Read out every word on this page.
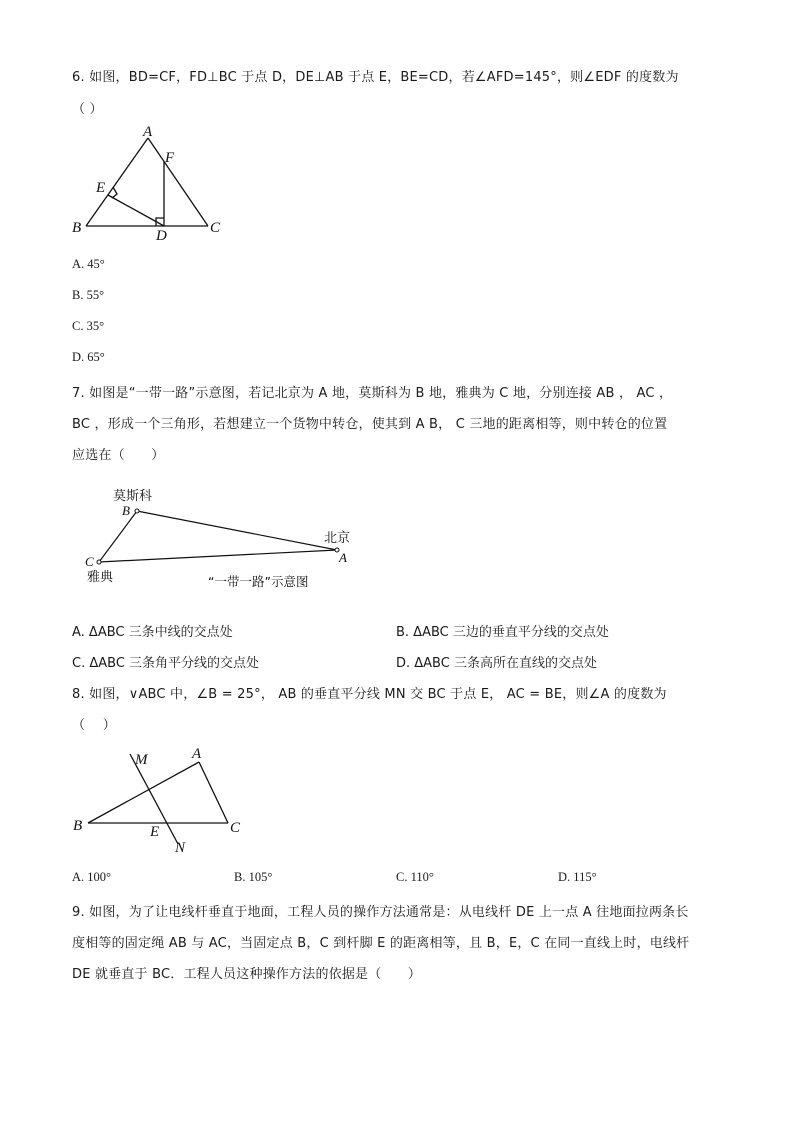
6. 如图，BD=CF，FD⊥BC 于点 D，DE⊥AB 于点 E，BE=CD，若∠AFD=145°，则∠EDF 的度数为
（ ）
A
F
E
B	D	C
A. 45°
B. 55°
C. 35°
D. 65°
7. 如图是“一带一路”示意图，若记北京为 A 地，莫斯科为 B 地，雅典为 C 地，分别连接 AB ， AC ，
BC ，形成一个三角形，若想建立一个货物中转仓，使其到 A B， C 三地的距离相等，则中转仓的位置
应选在（　　）
莫斯科
B
北京
A
C
雅典	“一带一路”示意图
A. ΔABC 三条中线的交点处	B. ΔABC 三边的垂直平分线的交点处
C. ΔABC 三条角平分线的交点处	D. ΔABC 三条高所在直线的交点处
8. 如图，∨ABC 中，∠B = 25°， AB 的垂直平分线 MN 交 BC 于点 E， AC = BE，则∠A 的度数为
（　 ）
M	A
B	E	C
N
A. 100°	B. 105°	C. 110°	D. 115°
9. 如图，为了让电线杆垂直于地面，工程人员的操作方法通常是：从电线杆 DE 上一点 A 往地面拉两条长
度相等的固定绳 AB 与 AC，当固定点 B，C 到杆脚 E 的距离相等，且 B，E，C 在同一直线上时，电线杆
DE 就垂直于 BC．工程人员这种操作方法的依据是（　　）
